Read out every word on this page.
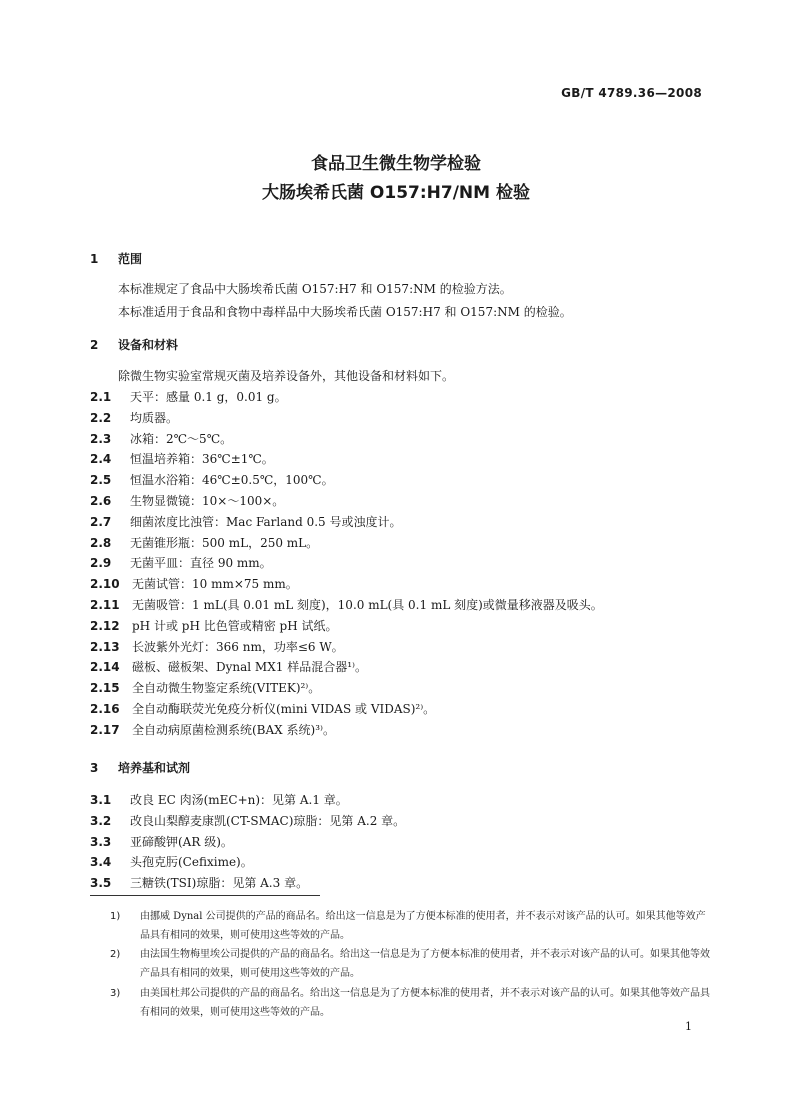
GB/T 4789.36—2008
食品卫生微生物学检验
大肠埃希氏菌 O157:H7/NM 检验
1 范围
本标准规定了食品中大肠埃希氏菌 O157:H7 和 O157:NM 的检验方法。
本标准适用于食品和食物中毒样品中大肠埃希氏菌 O157:H7 和 O157:NM 的检验。
2 设备和材料
除微生物实验室常规灭菌及培养设备外，其他设备和材料如下。
2.1 天平：感量 0.1 g，0.01 g。
2.2 均质器。
2.3 冰箱：2℃～5℃。
2.4 恒温培养箱：36℃±1℃。
2.5 恒温水浴箱：46℃±0.5℃，100℃。
2.6 生物显微镜：10×～100×。
2.7 细菌浓度比浊管：Mac Farland 0.5 号或浊度计。
2.8 无菌锥形瓶：500 mL，250 mL。
2.9 无菌平皿：直径 90 mm。
2.10 无菌试管：10 mm×75 mm。
2.11 无菌吸管：1 mL(具 0.01 mL 刻度)，10.0 mL(具 0.1 mL 刻度)或微量移液器及吸头。
2.12 pH 计或 pH 比色管或精密 pH 试纸。
2.13 长波紫外光灯：366 nm，功率≤6 W。
2.14 磁板、磁板架、Dynal MX1 样品混合器¹⁾。
2.15 全自动微生物鉴定系统(VITEK)²⁾。
2.16 全自动酶联荧光免疫分析仪(mini VIDAS 或 VIDAS)²⁾。
2.17 全自动病原菌检测系统(BAX 系统)³⁾。
3 培养基和试剂
3.1 改良 EC 肉汤(mEC+n)：见第 A.1 章。
3.2 改良山梨醇麦康凯(CT-SMAC)琼脂：见第 A.2 章。
3.3 亚碲酸钾(AR 级)。
3.4 头孢克肟(Cefixime)。
3.5 三糖铁(TSI)琼脂：见第 A.3 章。
1) 由挪威 Dynal 公司提供的产品的商品名。给出这一信息是为了方便本标准的使用者，并不表示对该产品的认可。如果其他等效产品具有相同的效果，则可使用这些等效的产品。
2) 由法国生物梅里埃公司提供的产品的商品名。给出这一信息是为了方便本标准的使用者，并不表示对该产品的认可。如果其他等效产品具有相同的效果，则可使用这些等效的产品。
3) 由美国杜邦公司提供的产品的商品名。给出这一信息是为了方便本标准的使用者，并不表示对该产品的认可。如果其他等效产品具有相同的效果，则可使用这些等效的产品。
1
